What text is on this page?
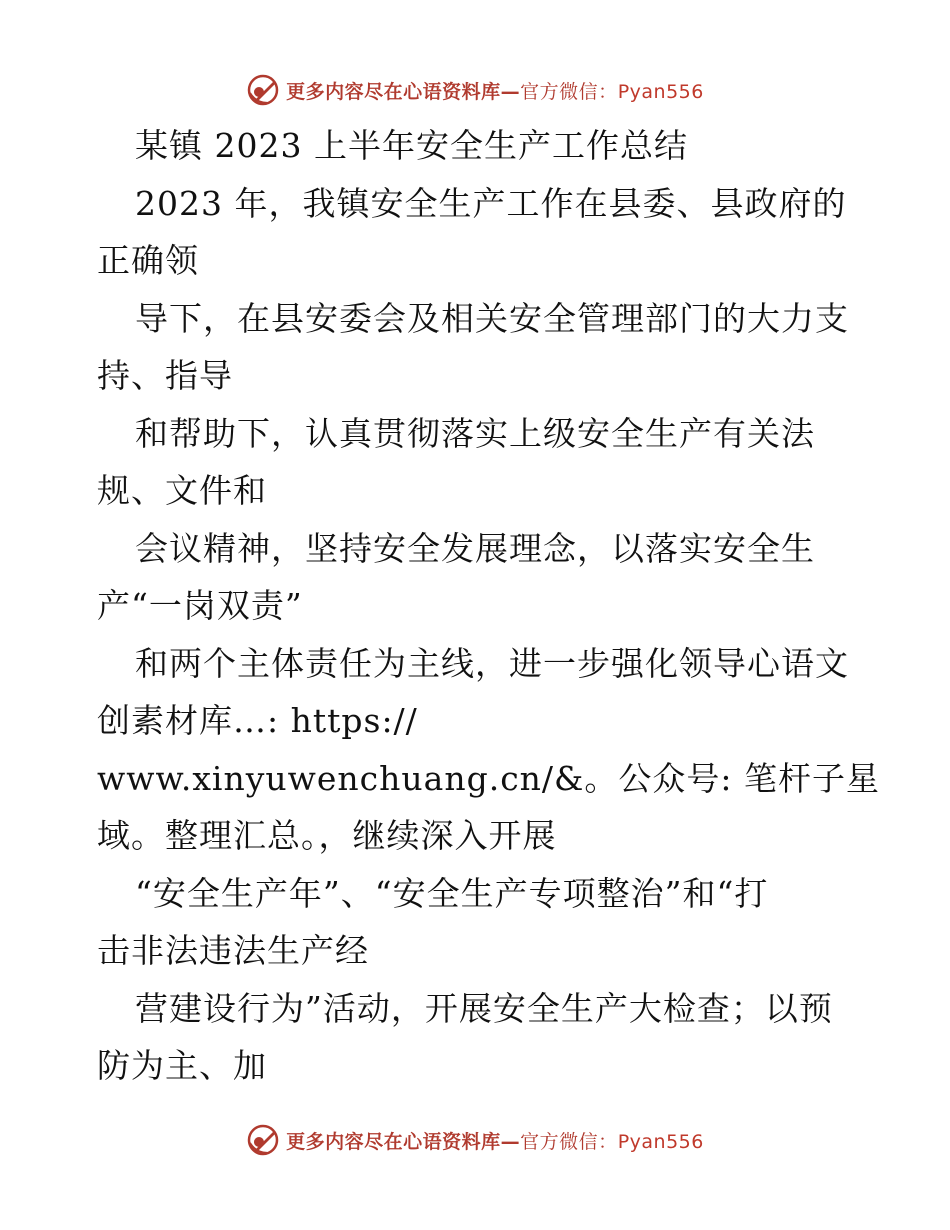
更多内容尽在心语资料库—官方微信：Pyan556
某镇 2023 上半年安全生产工作总结
2023 年，我镇安全生产工作在县委、县政府的
正确领
导下，在县安委会及相关安全管理部门的大力支
持、指导
和帮助下，认真贯彻落实上级安全生产有关法
规、文件和
会议精神，坚持安全发展理念，以落实安全生
产“一岗双责”
和两个主体责任为主线，进一步强化领导心语文
创素材库…: https://
www.xinyuwenchuang.cn/&。公众号: 笔杆子星
域。整理汇总。，继续深入开展
“安全生产年”、“安全生产专项整治”和“打
击非法违法生产经
营建设行为”活动，开展安全生产大检查；以预
防为主、加
更多内容尽在心语资料库—官方微信：Pyan556
